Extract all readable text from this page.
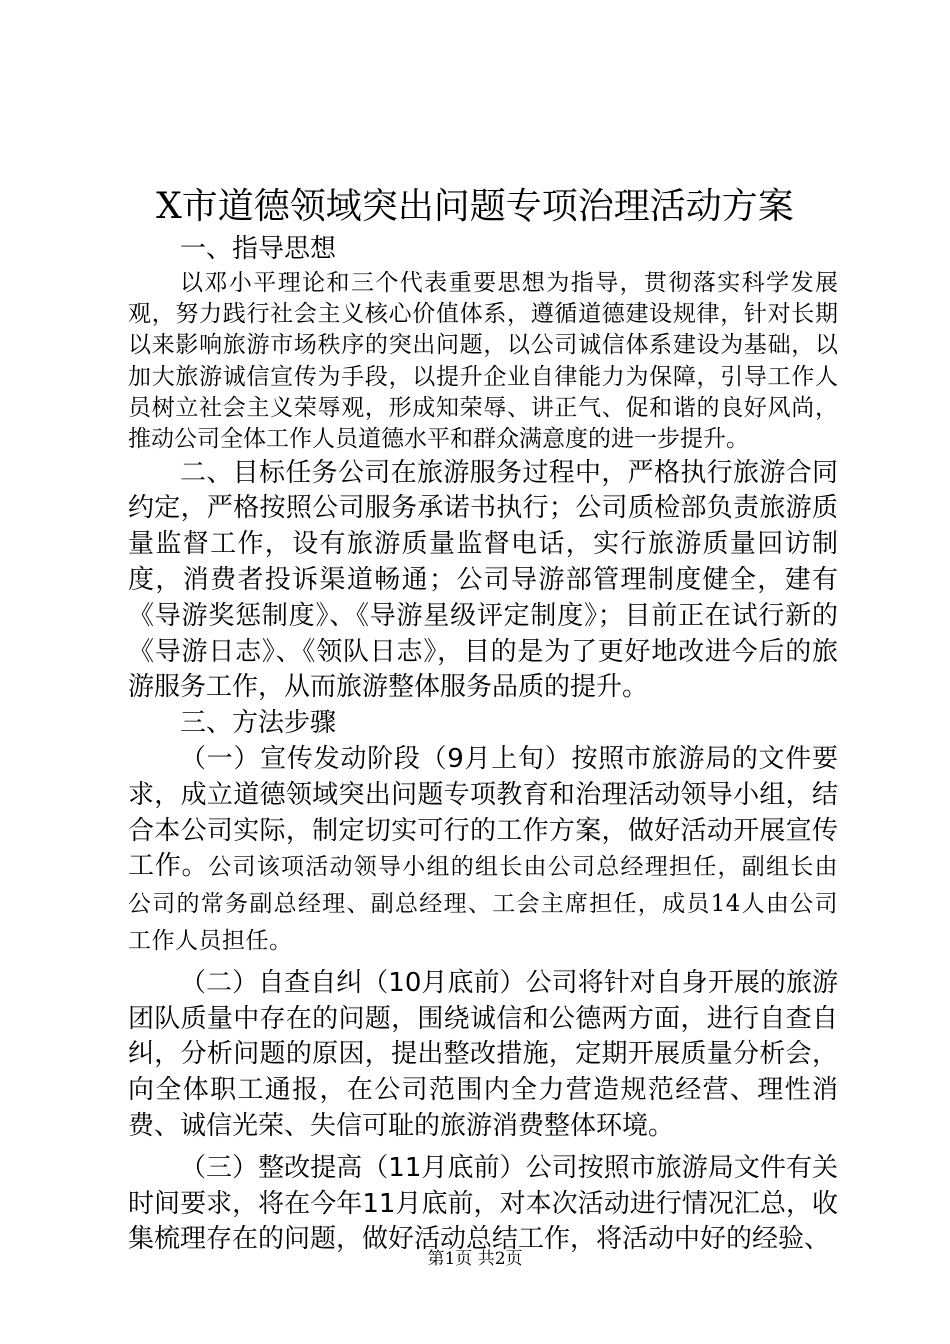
X市道德领域突出问题专项治理活动方案

一、指导思想

以邓小平理论和三个代表重要思想为指导，贯彻落实科学发展观，努力践行社会主义核心价值体系，遵循道德建设规律，针对长期以来影响旅游市场秩序的突出问题，以公司诚信体系建设为基础，以加大旅游诚信宣传为手段，以提升企业自律能力为保障，引导工作人员树立社会主义荣辱观，形成知荣辱、讲正气、促和谐的良好风尚，推动公司全体工作人员道德水平和群众满意度的进一步提升。

二、目标任务公司在旅游服务过程中，严格执行旅游合同约定，严格按照公司服务承诺书执行；公司质检部负责旅游质量监督工作，设有旅游质量监督电话，实行旅游质量回访制度，消费者投诉渠道畅通；公司导游部管理制度健全，建有《导游奖惩制度》、《导游星级评定制度》；目前正在试行新的《导游日志》、《领队日志》，目的是为了更好地改进今后的旅游服务工作，从而旅游整体服务品质的提升。

三、方法步骤

（一）宣传发动阶段（9月上旬）按照市旅游局的文件要求，成立道德领域突出问题专项教育和治理活动领导小组，结合本公司实际，制定切实可行的工作方案，做好活动开展宣传工作。公司该项活动领导小组的组长由公司总经理担任，副组长由公司的常务副总经理、副总经理、工会主席担任，成员14人由公司工作人员担任。

（二）自查自纠（10月底前）公司将针对自身开展的旅游团队质量中存在的问题，围绕诚信和公德两方面，进行自查自纠，分析问题的原因，提出整改措施，定期开展质量分析会，向全体职工通报，在公司范围内全力营造规范经营、理性消费、诚信光荣、失信可耻的旅游消费整体环境。

（三）整改提高（11月底前）公司按照市旅游局文件有关时间要求，将在今年11月底前，对本次活动进行情况汇总，收集梳理存在的问题，做好活动总结工作，将活动中好的经验、

第1页 共2页
